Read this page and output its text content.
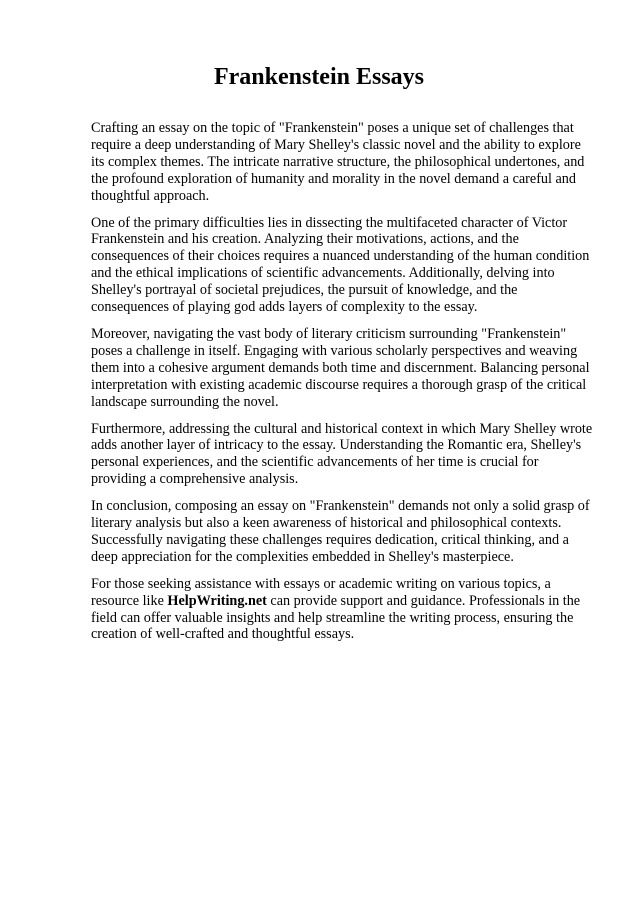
Frankenstein Essays

Crafting an essay on the topic of "Frankenstein" poses a unique set of challenges that require a deep understanding of Mary Shelley's classic novel and the ability to explore its complex themes. The intricate narrative structure, the philosophical undertones, and the profound exploration of humanity and morality in the novel demand a careful and thoughtful approach.

One of the primary difficulties lies in dissecting the multifaceted character of Victor Frankenstein and his creation. Analyzing their motivations, actions, and the consequences of their choices requires a nuanced understanding of the human condition and the ethical implications of scientific advancements. Additionally, delving into Shelley's portrayal of societal prejudices, the pursuit of knowledge, and the consequences of playing god adds layers of complexity to the essay.

Moreover, navigating the vast body of literary criticism surrounding "Frankenstein" poses a challenge in itself. Engaging with various scholarly perspectives and weaving them into a cohesive argument demands both time and discernment. Balancing personal interpretation with existing academic discourse requires a thorough grasp of the critical landscape surrounding the novel.

Furthermore, addressing the cultural and historical context in which Mary Shelley wrote adds another layer of intricacy to the essay. Understanding the Romantic era, Shelley's personal experiences, and the scientific advancements of her time is crucial for providing a comprehensive analysis.

In conclusion, composing an essay on "Frankenstein" demands not only a solid grasp of literary analysis but also a keen awareness of historical and philosophical contexts. Successfully navigating these challenges requires dedication, critical thinking, and a deep appreciation for the complexities embedded in Shelley's masterpiece.

For those seeking assistance with essays or academic writing on various topics, a resource like HelpWriting.net can provide support and guidance. Professionals in the field can offer valuable insights and help streamline the writing process, ensuring the creation of well-crafted and thoughtful essays.
